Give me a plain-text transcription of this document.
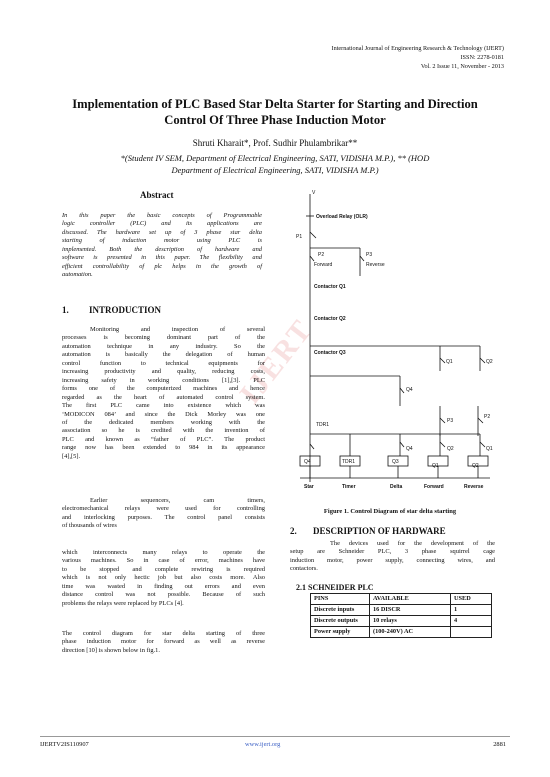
IJERT
International Journal of Engineering Research & Technology (IJERT)
ISSN: 2278-0181
Vol. 2 Issue 11, November - 2013
Implementation of PLC Based Star Delta Starter for Starting and Direction
Control Of Three Phase Induction Motor
Shruti Kharait*, Prof. Sudhir Phulambrikar**
*(Student IV SEM, Department of Electrical Engineering, SATI, VIDISHA M.P.), ** (HOD
Department of Electrical Engineering, SATI, VIDISHA M.P.)
Abstract
In this paper the basic concepts of Programmable
logic controller (PLC) and its applications are
discussed. The hardware set up of 3 phase star delta
starting of induction motor using PLC is
implemented. Both the description of hardware and
software is presented in this paper. The flexibility and
efficient controllability of plc helps in the growth of
automation.
1. INTRODUCTION
Monitoring and inspection of several
processes is becoming dominant part of the
automation technique in any industry. So the
automation is basically the delegation of human
control function to technical equipments for
increasing productivity and quality, reducing costs,
increasing safety in working conditions [1],[3]. PLC
forms one of the computerized machines and hence
regarded as the heart of automated control system.
The first PLC came into existence which was
‘MODICON 084’ and since the Dick Morley was one
of the dedicated members working with the
association so he is credited with the invention of
PLC and known as “father of PLC”. The product
range now has been extended to 984 in its appearance
[4],[5].
Earlier sequencers, cam timers,
electromechanical relays were used for controlling
and interlocking purposes. The control panel consists
of thousands of wires
which interconnects many relays to operate the
various machines. So in case of error, machines have
to be stopped and complete rewiring is required
which is not only hectic job but also costs more. Also
time was wasted in finding out errors and even
distance control was not possible. Because of such
problems the relays were replaced by PLCs [4].
The control diagram for star delta starting of three
phase induction motor for forward as well as reverse
direction [10] is shown below in fig.1.
V
Overload Relay (OLR)
P1
P2	P3
Forward	Reverse
Contactor Q1
Contactor Q2
Contactor Q3
Q1	Q2
Q4
P3
P2
TDR1
Q4	Q2	Q1
Q4	TDR1	Q3
Q1	Q2
Star	Timer	Delta	Forward	Reverse
Figure 1. Control Diagram of star delta starting
2. DESCRIPTION OF HARDWARE
The devices used for the development of the
setup are Schneider PLC, 3 phase squirrel cage
induction motor, power supply, connecting wires, and
contactors.
2.1 SCHNEIDER PLC
PINS	AVAILABLE	USED
Discrete inputs	16 DISCR	1
Discrete outputs	10 relays	4
Power supply	(100-240V) AC	
IJERTV2IS110907	www.ijert.org	2881
